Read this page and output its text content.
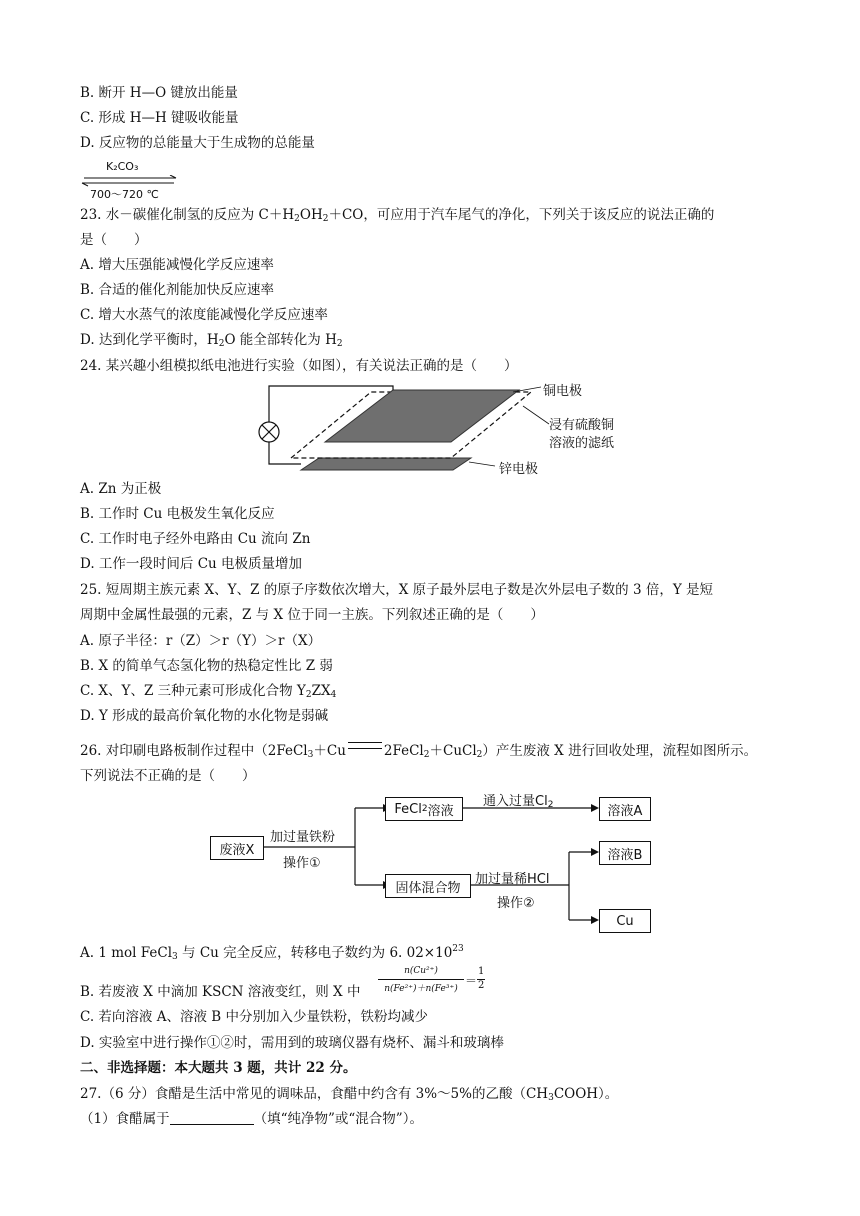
B. 断开 H—O 键放出能量
C. 形成 H—H 键吸收能量
D. 反应物的总能量大于生成物的总能量
K₂CO₃
700～720 ℃
23. 水－碳催化制氢的反应为 $C+H_2OH_2+CO$，可应用于汽车尾气的净化，下列关于该反应的说法正确的
是（　　）
A. 增大压强能减慢化学反应速率
B. 合适的催化剂能加快反应速率
C. 增大水蒸气的浓度能减慢化学反应速率
D. 达到化学平衡时，$H_2O$ 能全部转化为 $H_2$
24. 某兴趣小组模拟纸电池进行实验（如图），有关说法正确的是（　　）
铜电极
浸有硫酸铜
溶液的滤纸
锌电极
A. Zn 为正极
B. 工作时 Cu 电极发生氧化反应
C. 工作时电子经外电路由 Cu 流向 Zn
D. 工作一段时间后 Cu 电极质量增加
25. 短周期主族元素 X、Y、Z 的原子序数依次增大，X 原子最外层电子数是次外层电子数的 3 倍，Y 是短
周期中金属性最强的元素，Z 与 X 位于同一主族。下列叙述正确的是（　　）
A. 原子半径：r（Z）＞r（Y）＞r（X）
B. X 的简单气态氢化物的热稳定性比 Z 弱
C. X、Y、Z 三种元素可形成化合物 $Y_2ZX_4$
D. Y 形成的最高价氧化物的水化物是弱碱
26. 对印刷电路板制作过程中（2FeCl$_3$＋Cu	2FeCl$_2$＋CuCl$_2$）产生废液 X 进行回收处理，流程如图所示。
下列说法不正确的是（　　）
废液X
加过量铁粉
操作①
FeCl 2 溶液
通入过量$Cl_2$	溶液A
固体混合物
加过量稀HCl
操作②
溶液B
Cu
A. 1 mol FeCl$_3$ 与 Cu 完全反应，转移电子数约为 6. $02\times 10^{23}$
B. 若废液 X 中滴加 KSCN 溶液变红，则 X 中
n(Cu²⁺)
n(Fe²⁺)＋n(Fe³⁺)
＝
1
2
C. 若向溶液 A、溶液 B 中分别加入少量铁粉，铁粉均减少
D. 实验室中进行操作①②时，需用到的玻璃仪器有烧杯、漏斗和玻璃棒
二、非选择题：本大题共 3 题，共计 22 分。
27.（6 分）食醋是生活中常见的调味品，食醋中约含有 3%～5%的乙酸$(CH_3COOH)$。
（1）食醋属于	（填“纯净物”或“混合物”）。
